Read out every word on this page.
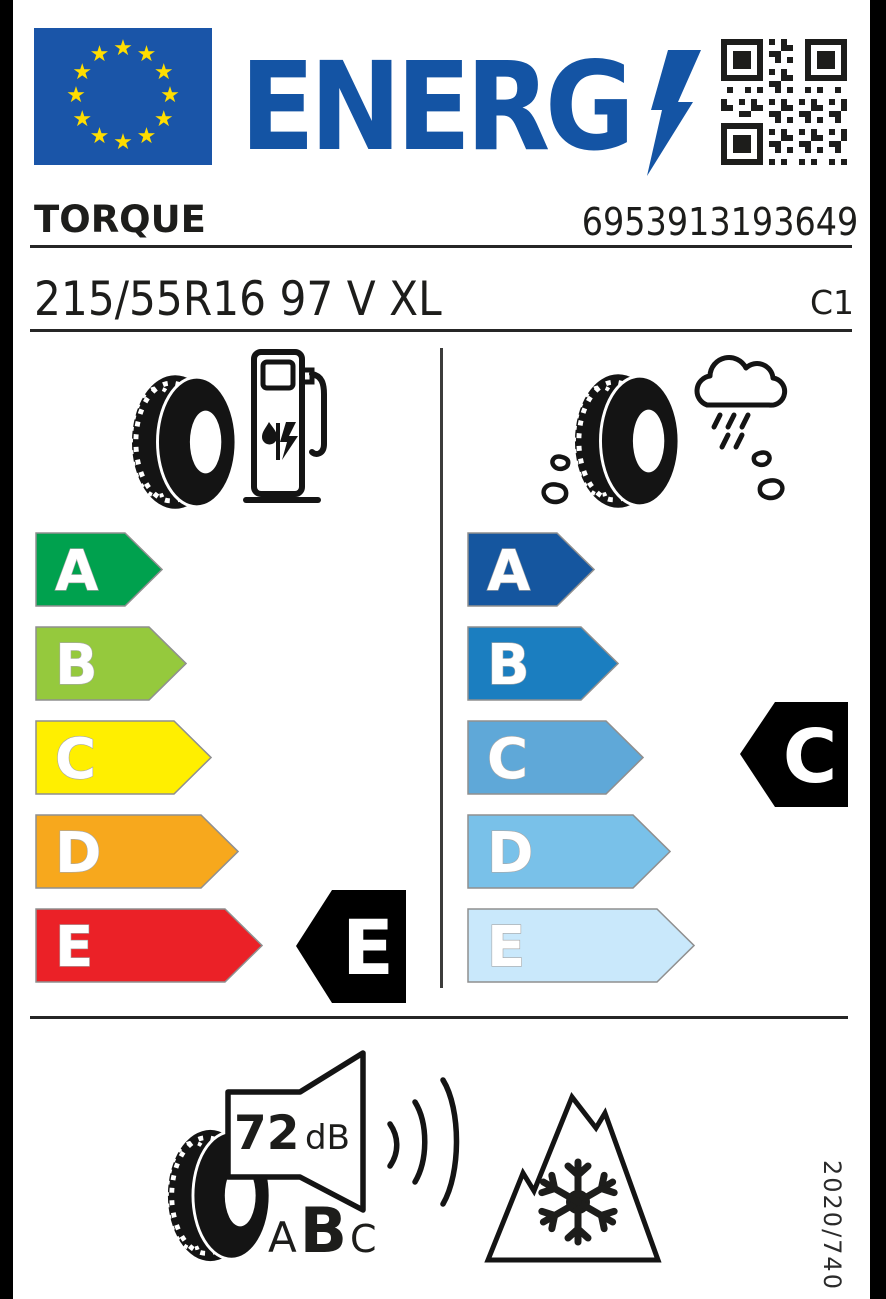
★ ★
★
★
★
★
★
★
★
★
★
★ ENERG
TORQUE	6953913193649
215/55R16 97 V XL	C1
A
B
C
D
E
A
B
C
D
E
E
C
72 dB
A B C	2020/740
